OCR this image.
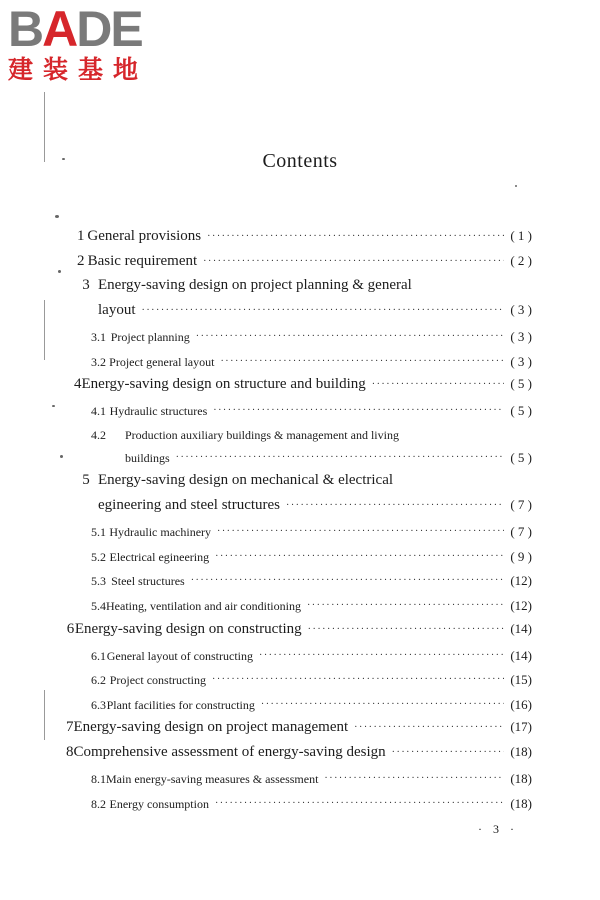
BADE
建装基地
Contents
1 General provisions ·····	( 1 )
2 Basic requirement ·····	( 2 )
3 Energy-saving design on project planning & general
layout ·····	( 3 )
3.1 Project planning ·····	( 3 )
3.2 Project general layout ·····	( 3 )
4 Energy-saving design on structure and building ·····	( 5 )
4.1 Hydraulic structures ·····	( 5 )
4.2	Production auxiliary buildings & management and living
buildings ·····	( 5 )
5 Energy-saving design on mechanical & electrical
egineering and steel structures ·····	( 7 )
5.1 Hydraulic machinery ·····	( 7 )
5.2 Electrical egineering ·····	( 9 )
5.3 Steel structures ·····	(12)
5.4 Heating, ventilation and air conditioning ·····	(12)
6 Energy-saving design on constructing ·····	(14)
6.1 General layout of constructing ·····	(14)
6.2 Project constructing ·····	(15)
6.3 Plant facilities for constructing ·····	(16)
7 Energy-saving design on project management ·····	(17)
8 Comprehensive assessment of energy-saving design ·····	(18)
8.1 Main energy-saving measures & assessment ·····	(18)
8.2 Energy consumption ·····	(18)
· 3 ·
